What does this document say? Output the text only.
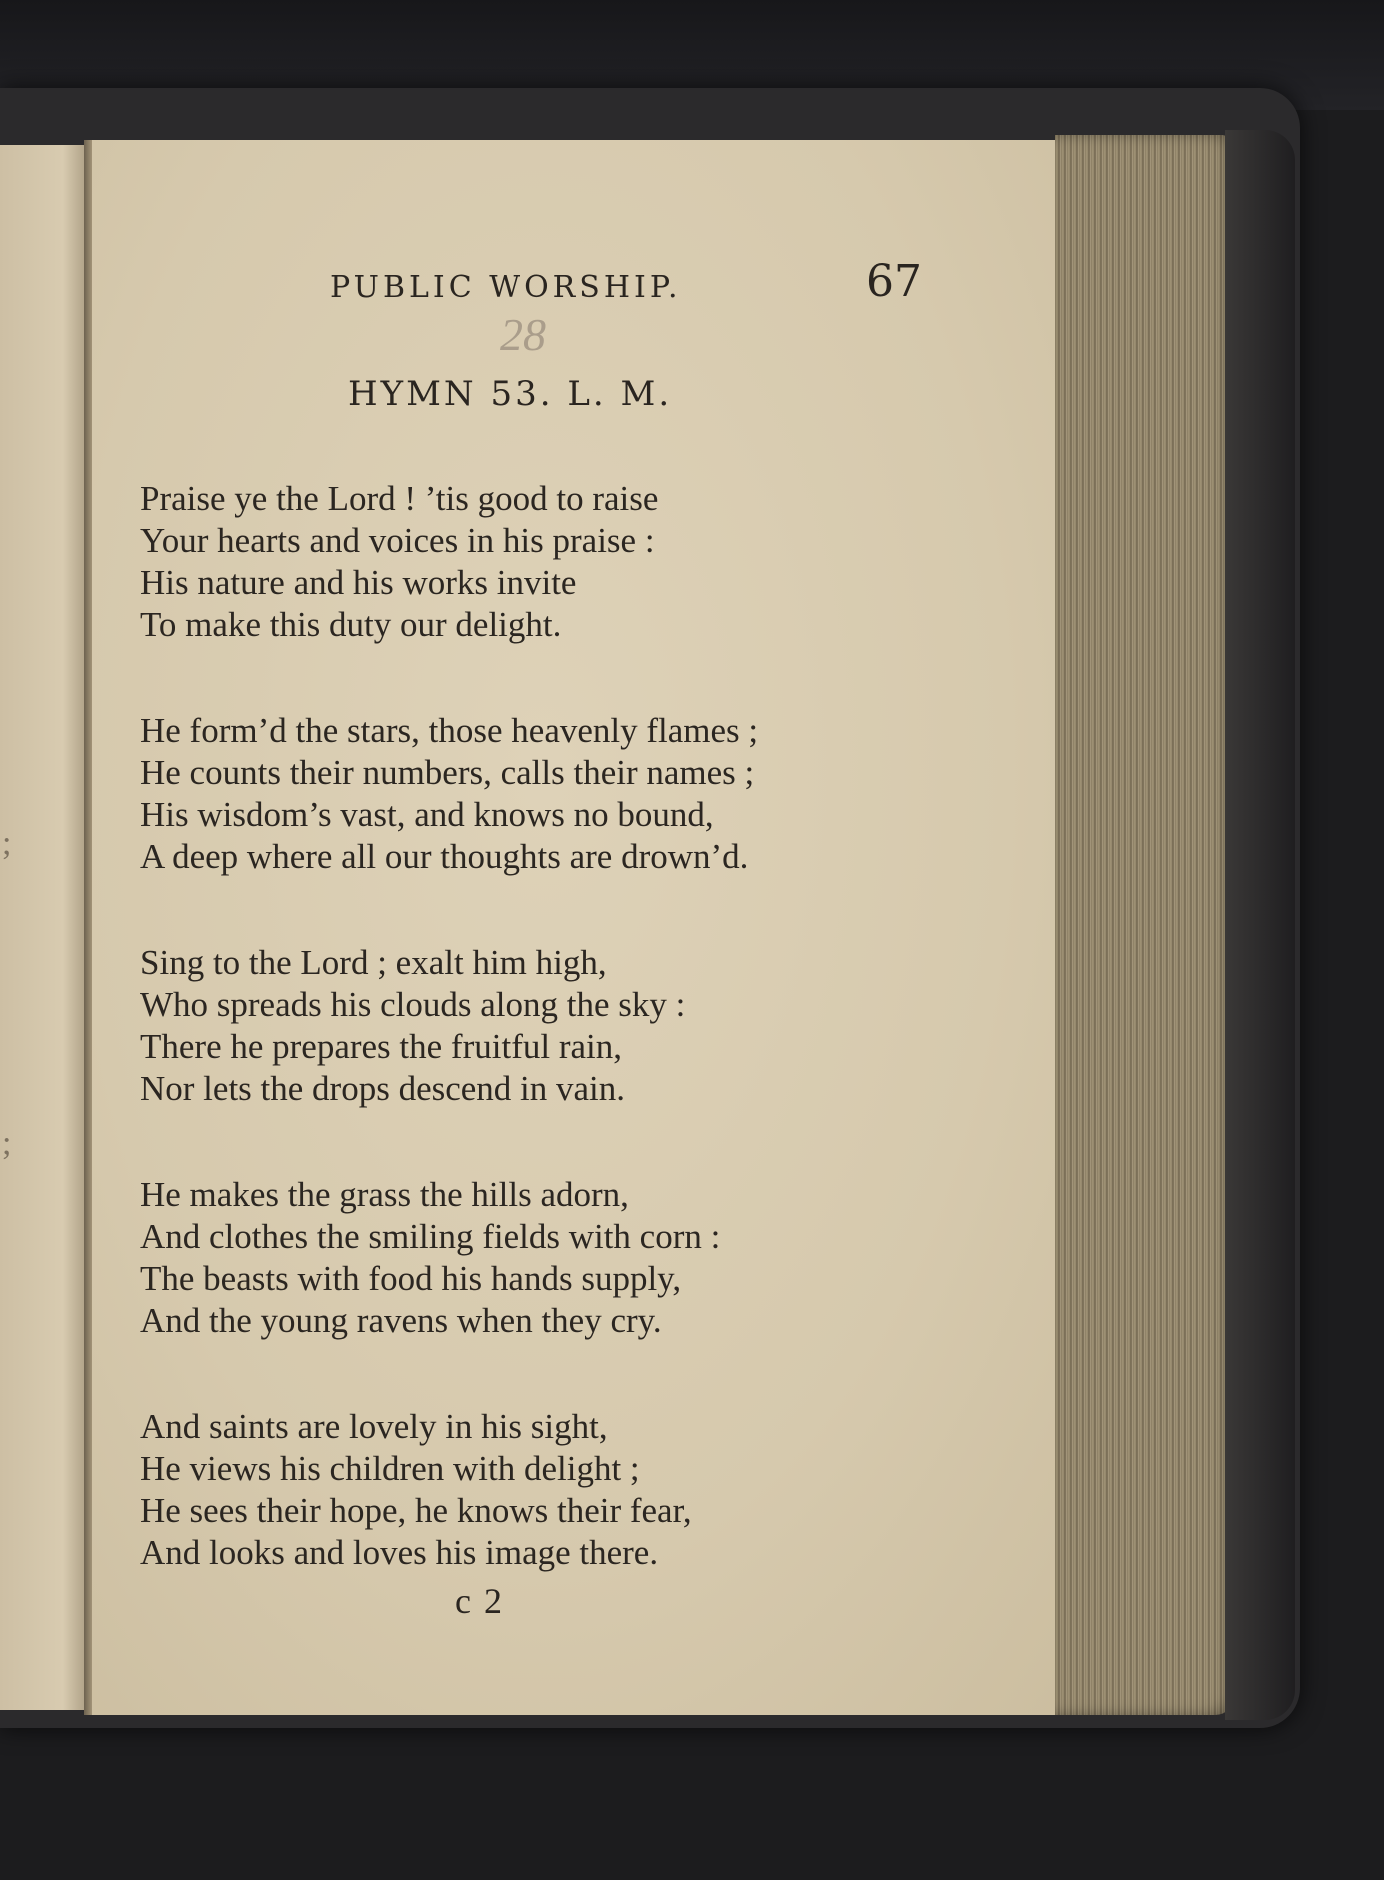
;
;
PUBLIC WORSHIP.	67
28
HYMN 53. L. M.
Praise ye the Lord ! ’tis good to raise
Your hearts and voices in his praise :
His nature and his works invite
To make this duty our delight.
He form’d the stars, those heavenly flames ;
He counts their numbers, calls their names ;
His wisdom’s vast, and knows no bound,
A deep where all our thoughts are drown’d.
Sing to the Lord ; exalt him high,
Who spreads his clouds along the sky :
There he prepares the fruitful rain,
Nor lets the drops descend in vain.
He makes the grass the hills adorn,
And clothes the smiling fields with corn :
The beasts with food his hands supply,
And the young ravens when they cry.
And saints are lovely in his sight,
He views his children with delight ;
He sees their hope, he knows their fear,
And looks and loves his image there.
c 2
